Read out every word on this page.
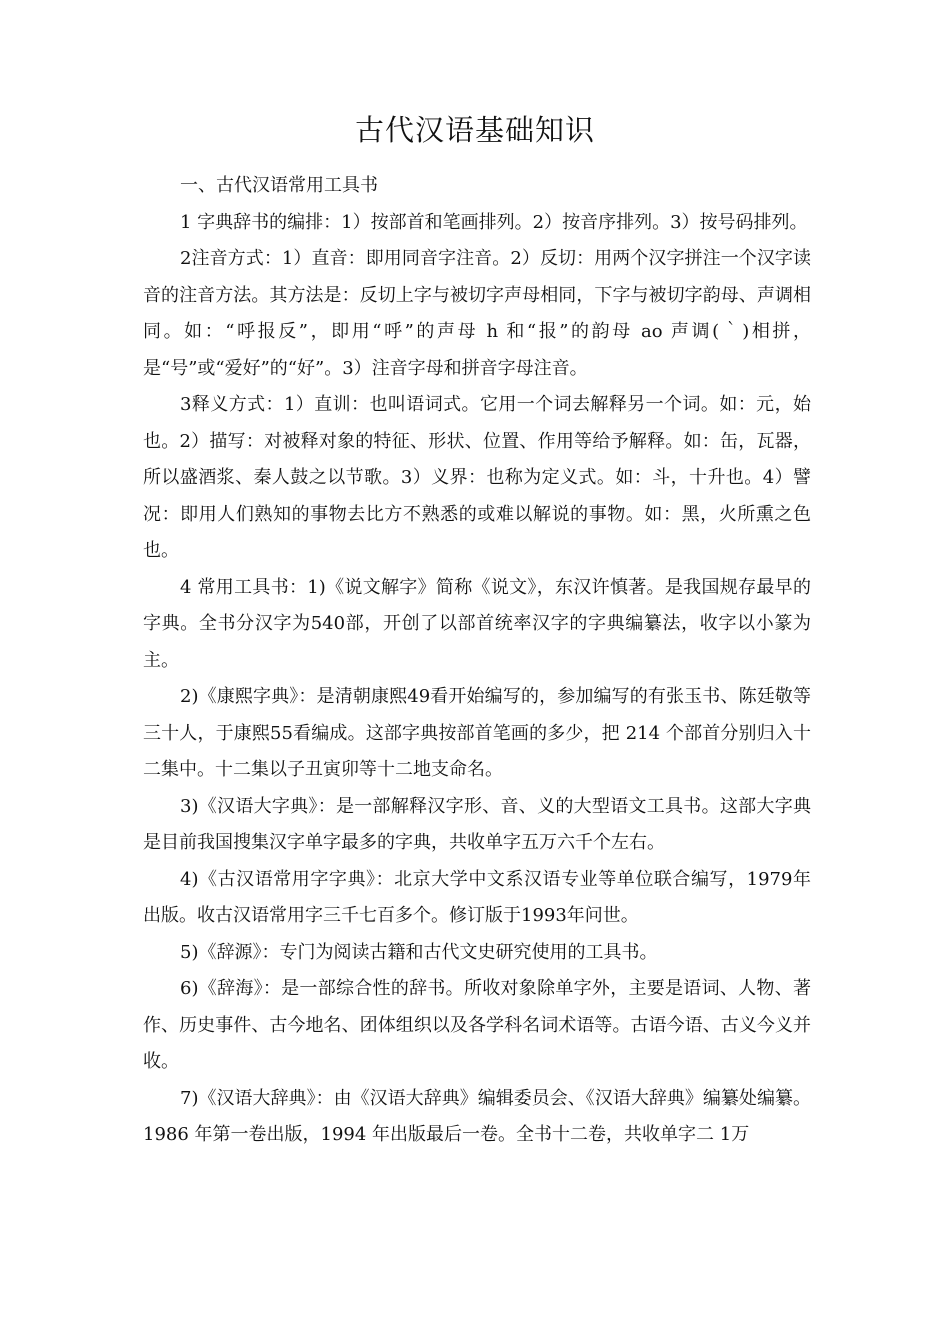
古代汉语基础知识

一、古代汉语常用工具书

1 字典辞书的编排：1）按部首和笔画排列。2）按音序排列。3）按号码排列。

2注音方式：1）直音：即用同音字注音。2）反切：用两个汉字拼注一个汉字读音的注音方法。其方法是：反切上字与被切字声母相同，下字与被切字韵母、声调相同。如：“呼报反”，即用“呼”的声母 h 和“报”的韵母 ao 声调(｀)相拼，是“号”或“爱好”的“好”。3）注音字母和拼音字母注音。

3释义方式：1）直训：也叫语词式。它用一个词去解释另一个词。如：元，始也。2）描写：对被释对象的特征、形状、位置、作用等给予解释。如：缶，瓦器，所以盛酒浆、秦人鼓之以节歌。3）义界：也称为定义式。如：斗，十升也。4）譬况：即用人们熟知的事物去比方不熟悉的或难以解说的事物。如：黑，火所熏之色也。

4 常用工具书：1)《说文解字》简称《说文》，东汉许慎著。是我国规存最早的字典。全书分汉字为540部，开创了以部首统率汉字的字典编纂法，收字以小篆为主。

2)《康熙字典》：是清朝康熙49看开始编写的，参加编写的有张玉书、陈廷敬等三十人，于康熙55看编成。这部字典按部首笔画的多少，把 214 个部首分别归入十二集中。十二集以子丑寅卯等十二地支命名。

3)《汉语大字典》：是一部解释汉字形、音、义的大型语文工具书。这部大字典是目前我国搜集汉字单字最多的字典，共收单字五万六千个左右。

4)《古汉语常用字字典》：北京大学中文系汉语专业等单位联合编写，1979年出版。收古汉语常用字三千七百多个。修订版于1993年问世。

5)《辞源》：专门为阅读古籍和古代文史研究使用的工具书。

6)《辞海》：是一部综合性的辞书。所收对象除单字外，主要是语词、人物、著作、历史事件、古今地名、团体组织以及各学科名词术语等。古语今语、古义今义并收。

7)《汉语大辞典》：由《汉语大辞典》编辑委员会、《汉语大辞典》编纂处编纂。1986 年第一卷出版，1994 年出版最后一卷。全书十二卷，共收单字二 1万
